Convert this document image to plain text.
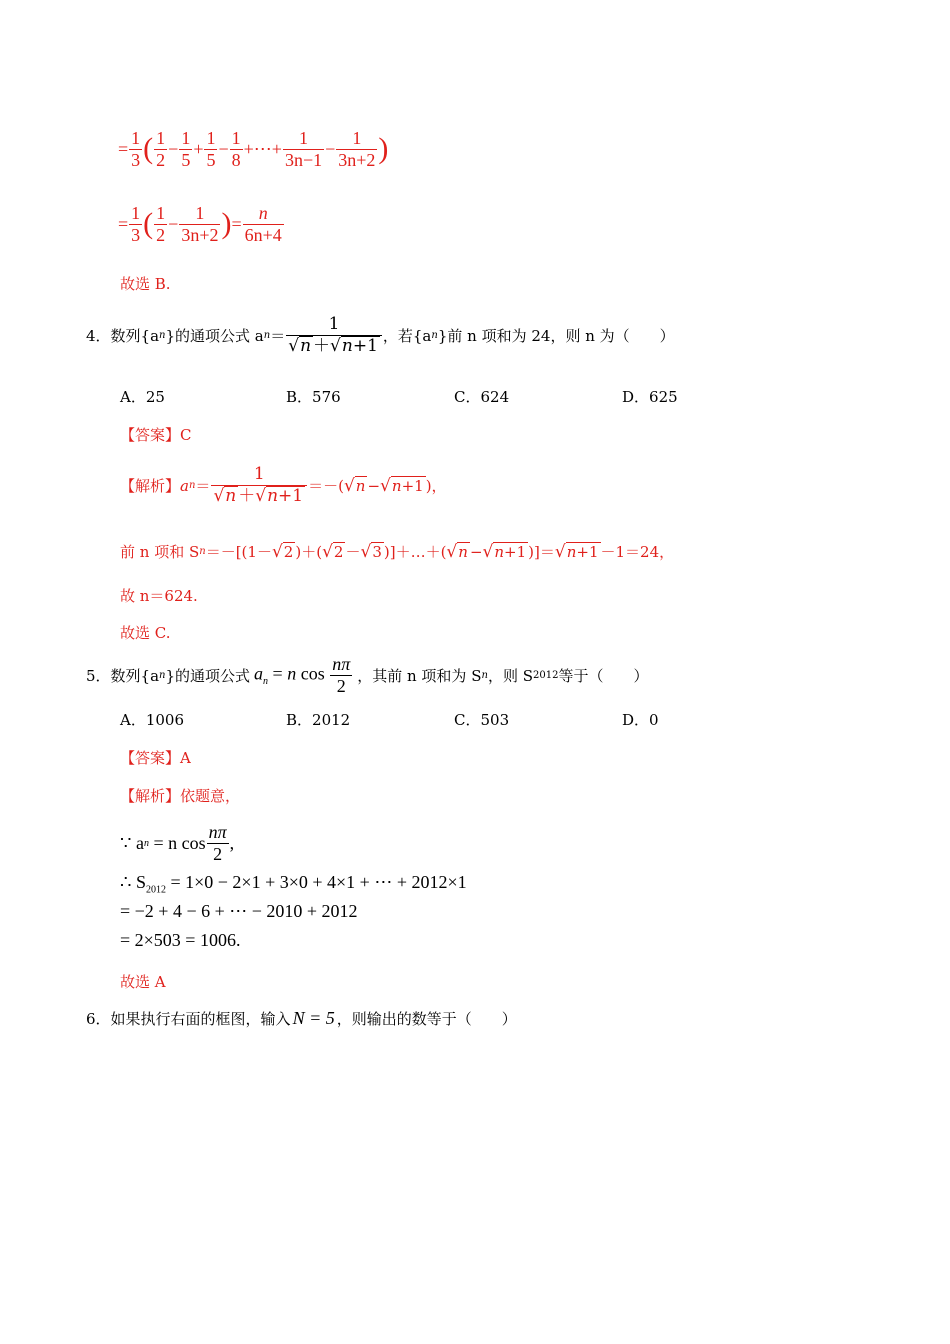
= $\frac{1}{3}$ ( $\frac{1}{2} - \frac{1}{5} + \frac{1}{5} - \frac{1}{8}$ +⋯+ $\frac{1}{3n-1} - \frac{1}{3n+2}$ )
= $\frac{1}{3}$ ( $\frac{1}{2} - \frac{1}{3n+2}$ ) = $\frac{n}{6n+4}$
故选 B.
4． 数列{a n }的通项公式 a $n = \frac{1}{√n +√n+1}$ ，若{a n }前 n 项和为 24，则 n 为（　　）
A．25	B．576	C．624	D．625
【答案】C
【解析】 a $n = \frac{1}{√n +√n+1}$ ＝－( √ n − √ n+1 )，
前 n 项和 S n ＝－[(1－ √ 2 )＋( √ 2 － √ 3 )]＋…＋( √ n − √ n+1 )]＝ √ n+1 －1＝24，
故 n＝624.
故选 C.
5． 数列{a n }的通项公式 $a_n = n$ $\cos \frac{n\pi}{2}$ ，其前 n 项和为 S n ，则 S 2012 等于（　　）
A．1006	B．2012	C．503	D．0
【答案】A
【解析】依题意，
∵ a n
= n $\cos \frac{n\pi}{2}$ ,
∴ $S_{2012} = 1\times 0 - 2\times 1 + 3\times 0 + 4\times 1$ + ⋯ + 2012×1
= −2 + 4 − 6 + ⋯ − 2010 + 2012
= 2×503 = 1006.
故选 A
6． 如果执行右面的框图，输入 N = 5 ，则输出的数等于（　　）
